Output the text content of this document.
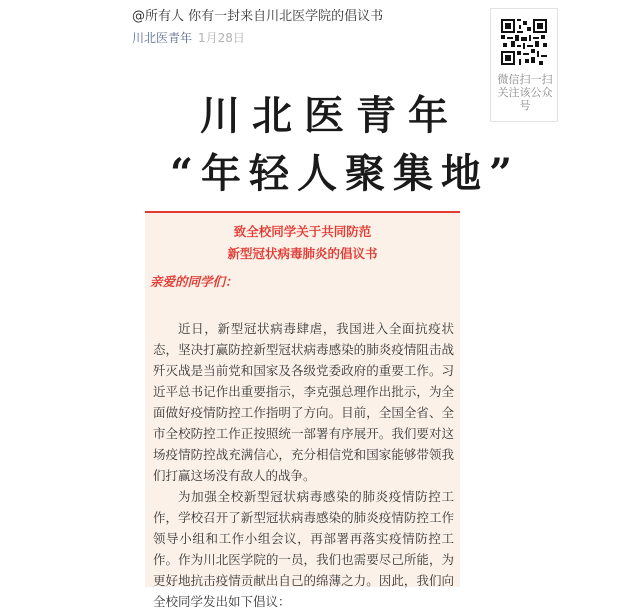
@所有人 你有一封来自川北医学院的倡议书
川北医青年 1月28日
微信扫一扫关注该公众号
川北医青年
“年轻人聚集地”
致全校同学关于共同防范
新型冠状病毒肺炎的倡议书
亲爱的同学们：

近日，新型冠状病毒肆虐，我国进入全面抗疫状态，坚决打赢防控新型冠状病毒感染的肺炎疫情阻击战歼灭战是当前党和国家及各级党委政府的重要工作。习近平总书记作出重要指示，李克强总理作出批示，为全面做好疫情防控工作指明了方向。目前，全国全省、全市全校防控工作正按照统一部署有序展开。我们要对这场疫情防控战充满信心，充分相信党和国家能够带领我们打赢这场没有敌人的战争。

为加强全校新型冠状病毒感染的肺炎疫情防控工作，学校召开了新型冠状病毒感染的肺炎疫情防控工作领导小组和工作小组会议，再部署再落实疫情防控工作。作为川北医学院的一员，我们也需要尽己所能，为更好地抗击疫情贡献出自己的绵薄之力。因此，我们向全校同学发出如下倡议：
